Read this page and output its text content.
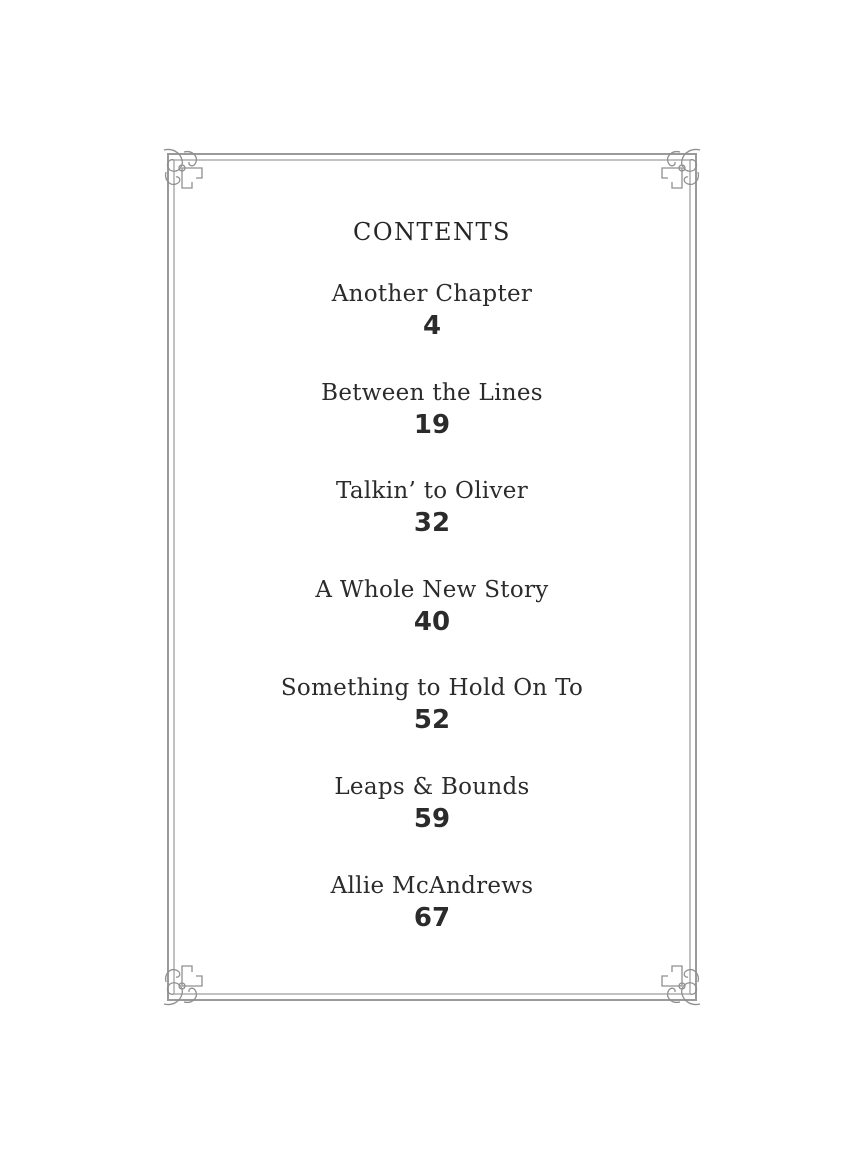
CONTENTS
Another Chapter
4
Between the Lines
19
Talkin’ to Oliver
32
A Whole New Story
40
Something to Hold On To
52
Leaps & Bounds
59
Allie McAndrews
67
